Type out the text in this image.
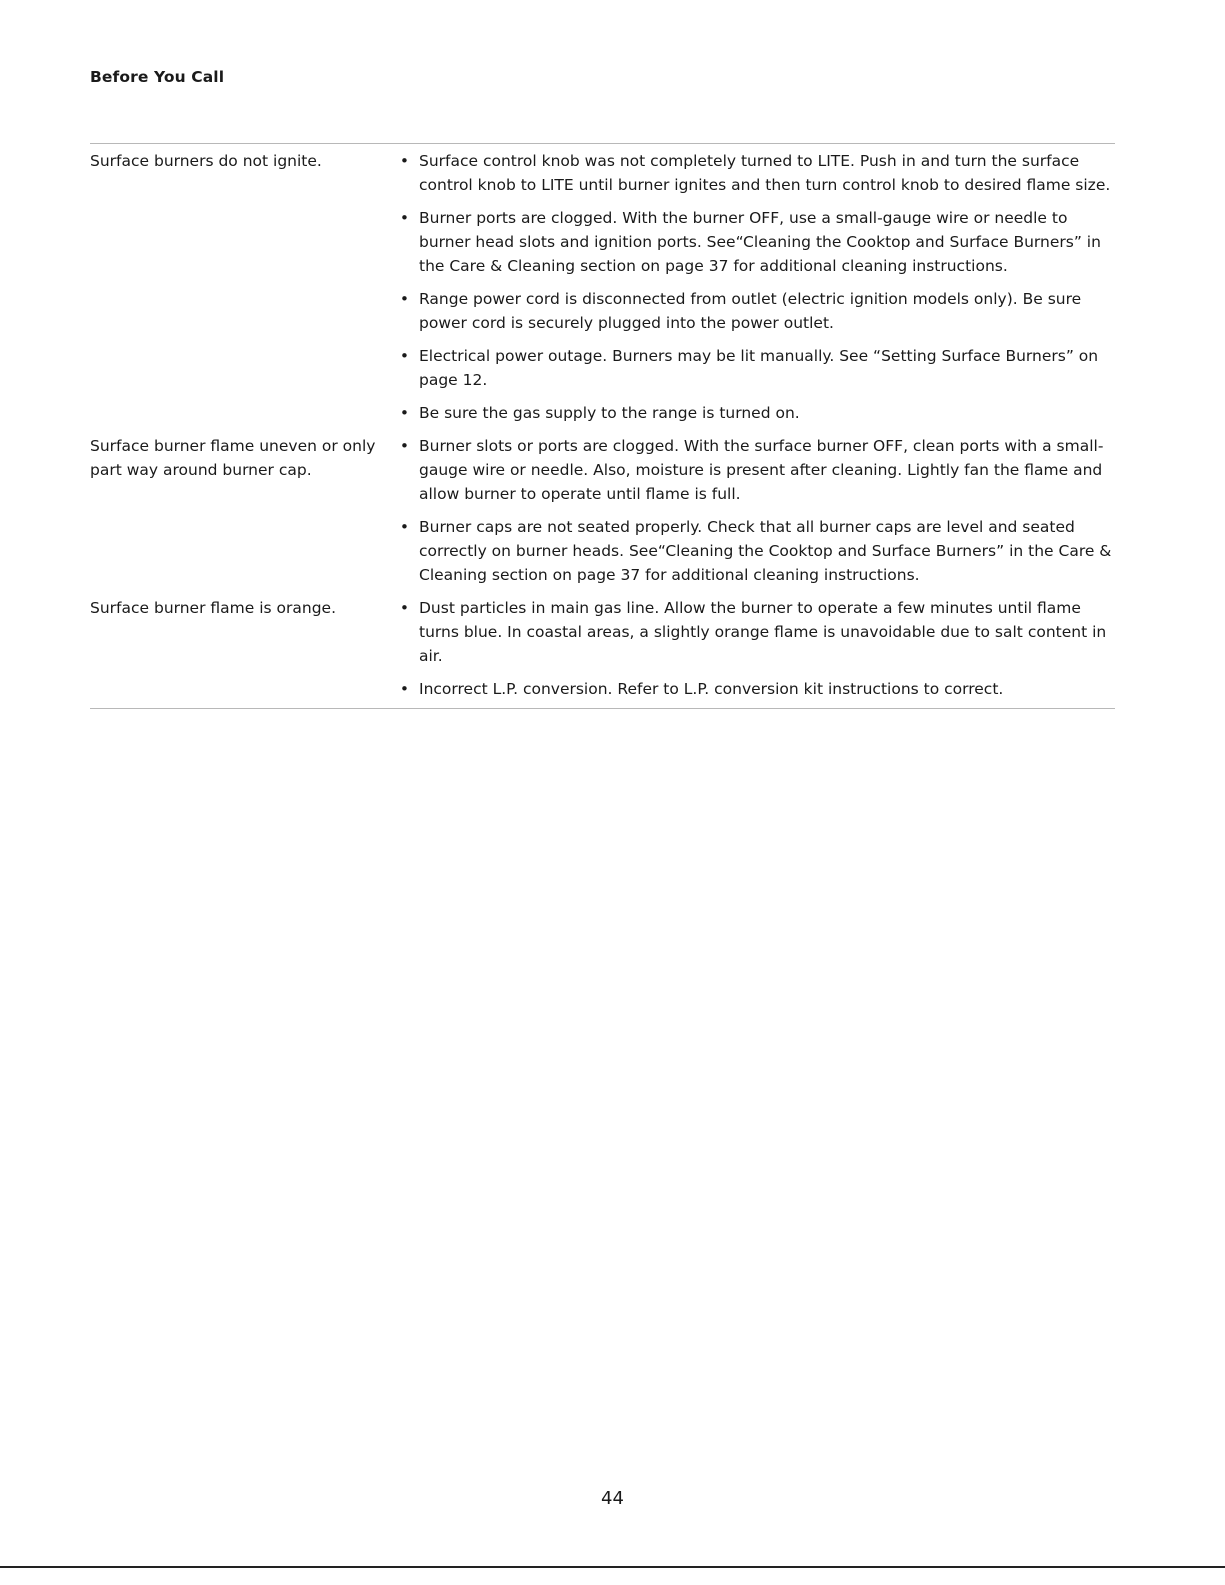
Before You Call
Surface burners do not ignite.	• Surface control knob was not completely turned to LITE. Push in and turn the surface control knob to LITE until burner ignites and then turn control knob to desired flame size.
• Burner ports are clogged. With the burner OFF, use a small-gauge wire or needle to burner head slots and ignition ports. See“Cleaning the Cooktop and Surface Burners” in the Care & Cleaning section on page 37 for additional cleaning instructions.
• Range power cord is disconnected from outlet (electric ignition models only). Be sure power cord is securely plugged into the power outlet.
• Electrical power outage. Burners may be lit manually. See “Setting Surface Burners” on page 12.
• Be sure the gas supply to the range is turned on.
Surface burner flame uneven or only part way around burner cap.
• Burner slots or ports are clogged. With the surface burner OFF, clean ports with a small-gauge wire or needle. Also, moisture is present after cleaning. Lightly fan the flame and allow burner to operate until flame is full.
• Burner caps are not seated properly. Check that all burner caps are level and seated correctly on burner heads. See“Cleaning the Cooktop and Surface Burners” in the Care & Cleaning section on page 37 for additional cleaning instructions.
Surface burner flame is orange.	• Dust particles in main gas line. Allow the burner to operate a few minutes until flame turns blue. In coastal areas, a slightly orange flame is unavoidable due to salt content in air.
• Incorrect L.P. conversion. Refer to L.P. conversion kit instructions to correct.
44
